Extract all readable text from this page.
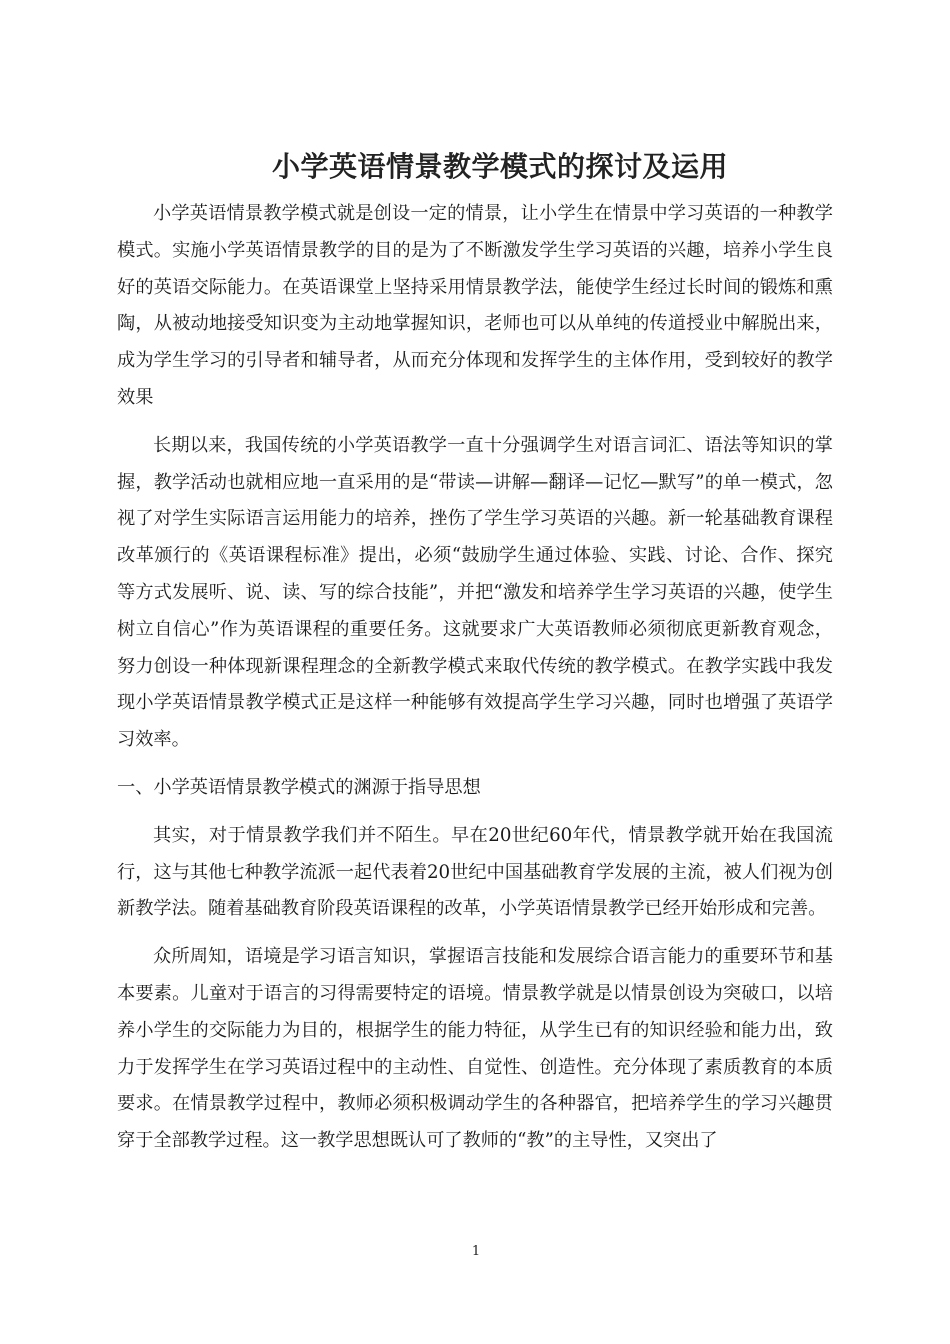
小学英语情景教学模式的探讨及运用

小学英语情景教学模式就是创设一定的情景，让小学生在情景中学习英语的一种教学模式。实施小学英语情景教学的目的是为了不断激发学生学习英语的兴趣，培养小学生良好的英语交际能力。在英语课堂上坚持采用情景教学法，能使学生经过长时间的锻炼和熏陶，从被动地接受知识变为主动地掌握知识，老师也可以从单纯的传道授业中解脱出来，成为学生学习的引导者和辅导者，从而充分体现和发挥学生的主体作用，受到较好的教学效果

长期以来，我国传统的小学英语教学一直十分强调学生对语言词汇、语法等知识的掌握，教学活动也就相应地一直采用的是“带读—讲解—翻译—记忆—默写”的单一模式，忽视了对学生实际语言运用能力的培养，挫伤了学生学习英语的兴趣。新一轮基础教育课程改革颁行的《英语课程标准》提出，必须“鼓励学生通过体验、实践、讨论、合作、探究等方式发展听、说、读、写的综合技能”，并把“激发和培养学生学习英语的兴趣，使学生树立自信心”作为英语课程的重要任务。这就要求广大英语教师必须彻底更新教育观念，努力创设一种体现新课程理念的全新教学模式来取代传统的教学模式。在教学实践中我发现小学英语情景教学模式正是这样一种能够有效提高学生学习兴趣，同时也增强了英语学习效率。

一、小学英语情景教学模式的渊源于指导思想

其实，对于情景教学我们并不陌生。早在20世纪60年代，情景教学就开始在我国流行，这与其他七种教学流派一起代表着20世纪中国基础教育学发展的主流，被人们视为创新教学法。随着基础教育阶段英语课程的改革，小学英语情景教学已经开始形成和完善。

众所周知，语境是学习语言知识，掌握语言技能和发展综合语言能力的重要环节和基本要素。儿童对于语言的习得需要特定的语境。情景教学就是以情景创设为突破口，以培养小学生的交际能力为目的，根据学生的能力特征，从学生已有的知识经验和能力出，致力于发挥学生在学习英语过程中的主动性、自觉性、创造性。充分体现了素质教育的本质要求。在情景教学过程中，教师必须积极调动学生的各种器官，把培养学生的学习兴趣贯穿于全部教学过程。这一教学思想既认可了教师的“教”的主导性，又突出了

1
